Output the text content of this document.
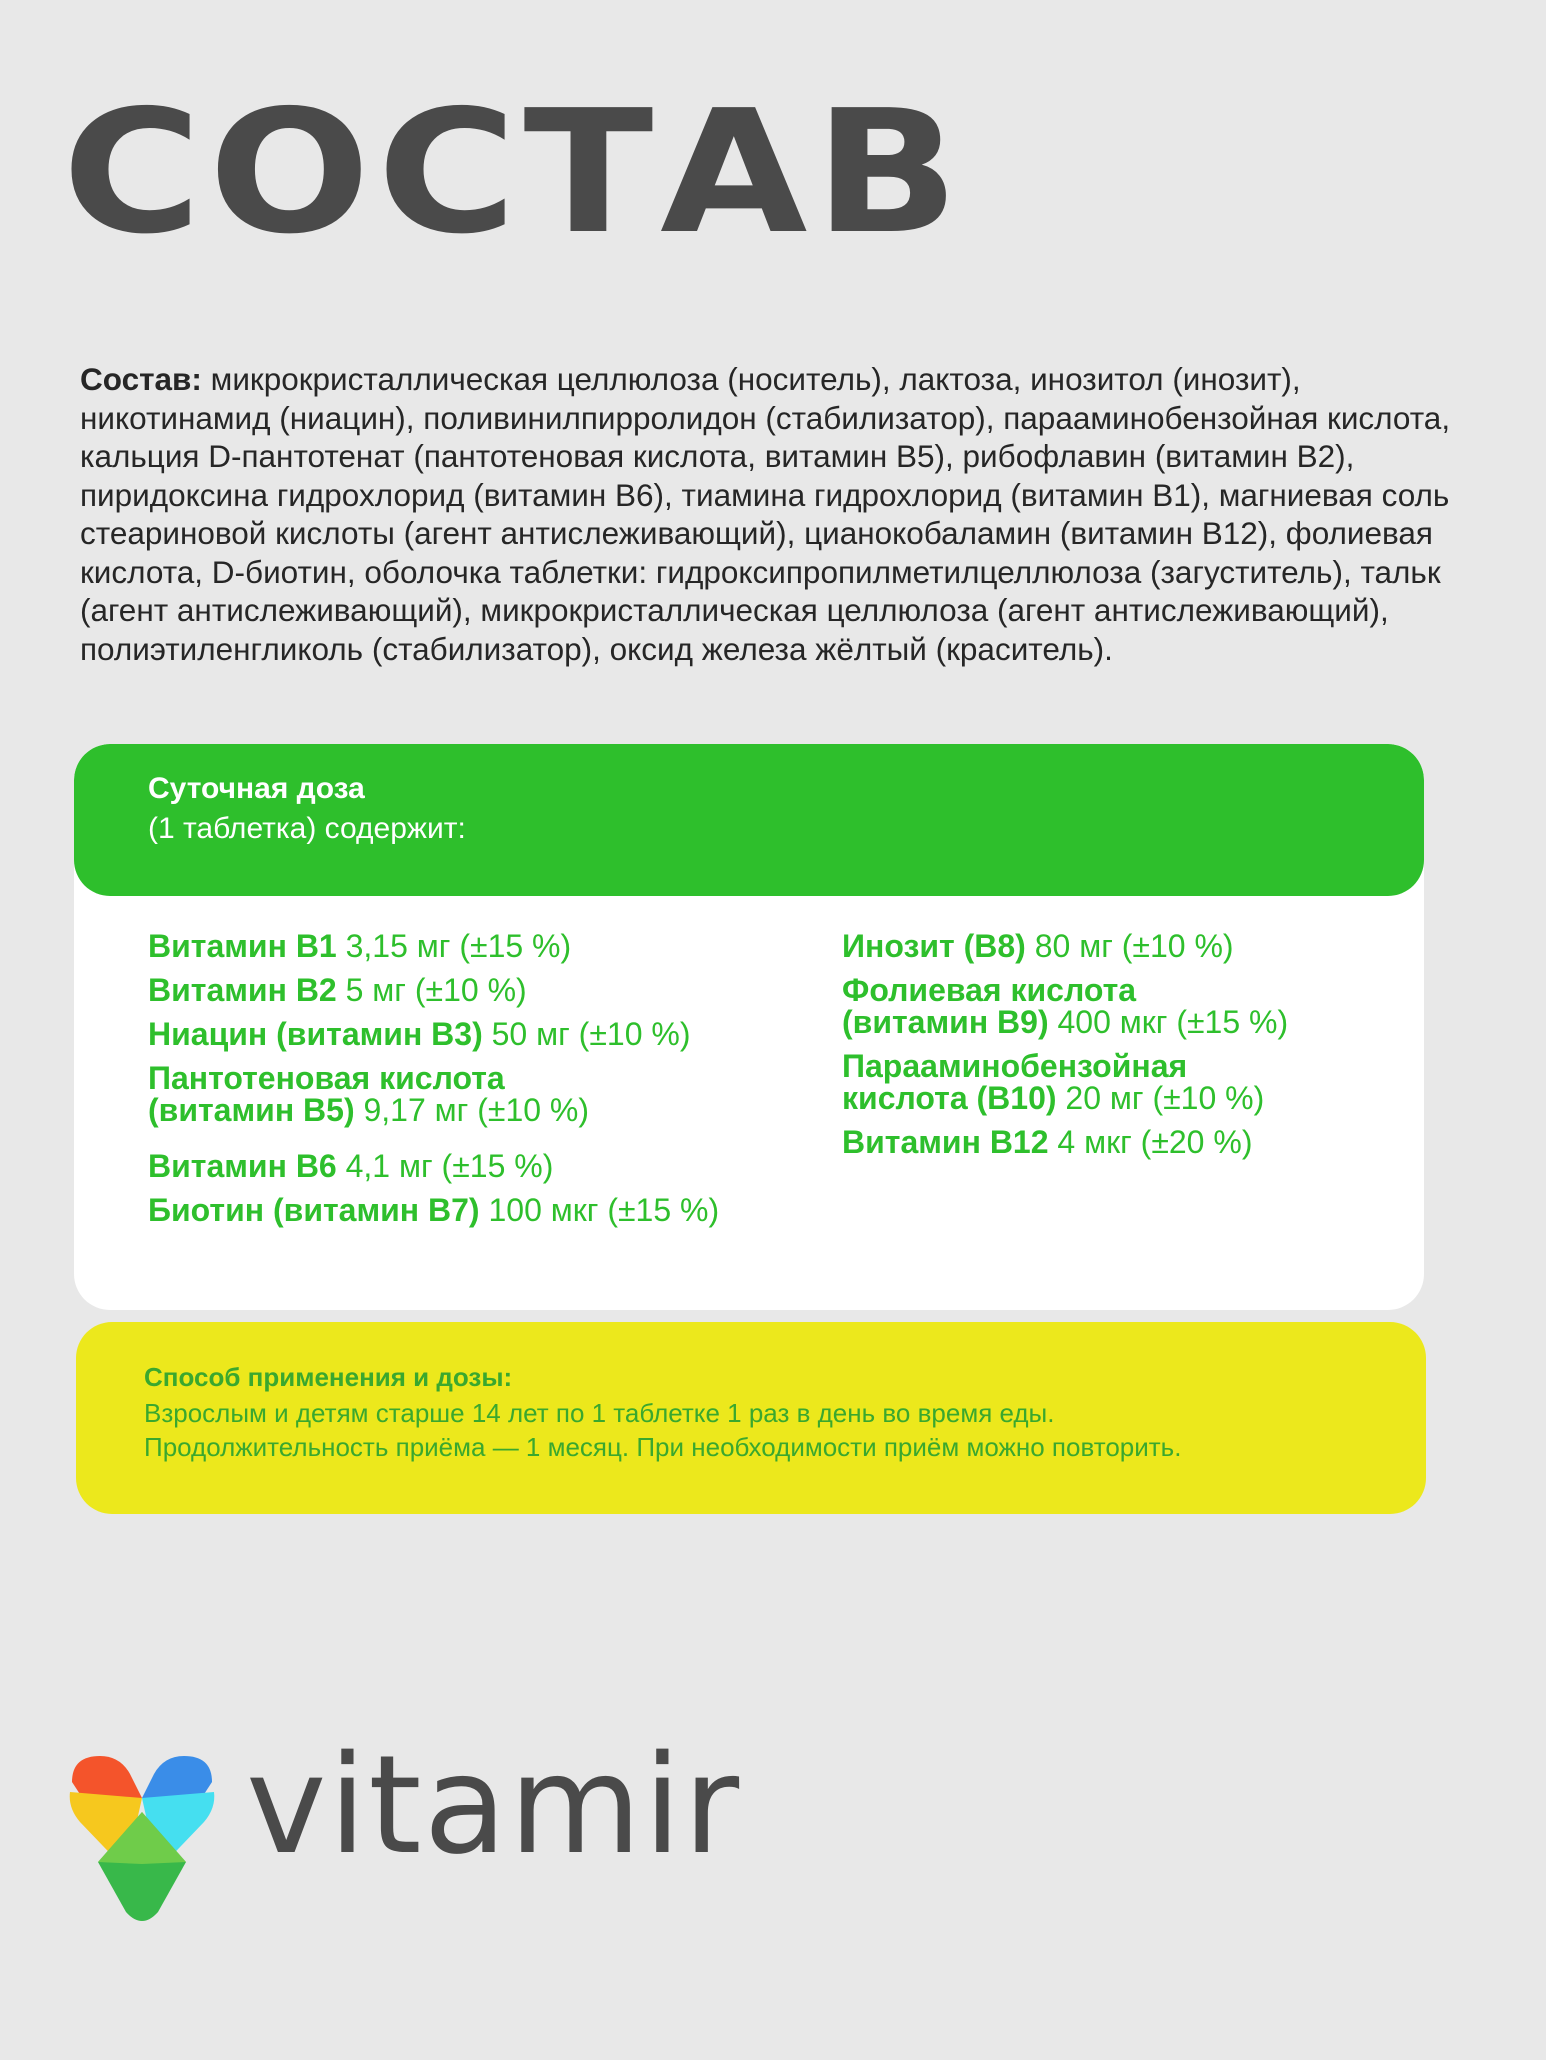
СОСТАВ

Состав: микрокристаллическая целлюлоза (носитель), лактоза, инозитол (инозит), никотинамид (ниацин), поливинилпирролидон (стабилизатор), парааминобензойная кислота, кальция D-пантотенат (пантотеновая кислота, витамин B5), рибофлавин (витамин B2), пиридоксина гидрохлорид (витамин B6), тиамина гидрохлорид (витамин B1), магниевая соль стеариновой кислоты (агент антислеживающий), цианокобаламин (витамин B12), фолиевая кислота, D-биотин, оболочка таблетки: гидроксипропилметилцеллюлоза (загуститель), тальк (агент антислеживающий), микрокристаллическая целлюлоза (агент антислеживающий), полиэтиленгликоль (стабилизатор), оксид железа жёлтый (краситель).

Суточная доза
(1 таблетка) содержит:
Витамин B1 3,15 мг (±15 %)
Витамин B2 5 мг (±10 %)
Ниацин (витамин B3) 50 мг (±10 %)
Пантотеновая кислота
(витамин B5) 9,17 мг (±10 %)
Витамин B6 4,1 мг (±15 %)
Биотин (витамин B7) 100 мкг (±15 %)
Инозит (B8) 80 мг (±10 %)
Фолиевая кислота
(витамин B9) 400 мкг (±15 %)
Парааминобензойная
кислота (B10) 20 мг (±10 %)
Витамин B12 4 мкг (±20 %)
Способ применения и дозы:
Взрослым и детям старше 14 лет по 1 таблетке 1 раз в день во время еды.
Продолжительность приёма — 1 месяц. При необходимости приём можно повторить.
vitamir
